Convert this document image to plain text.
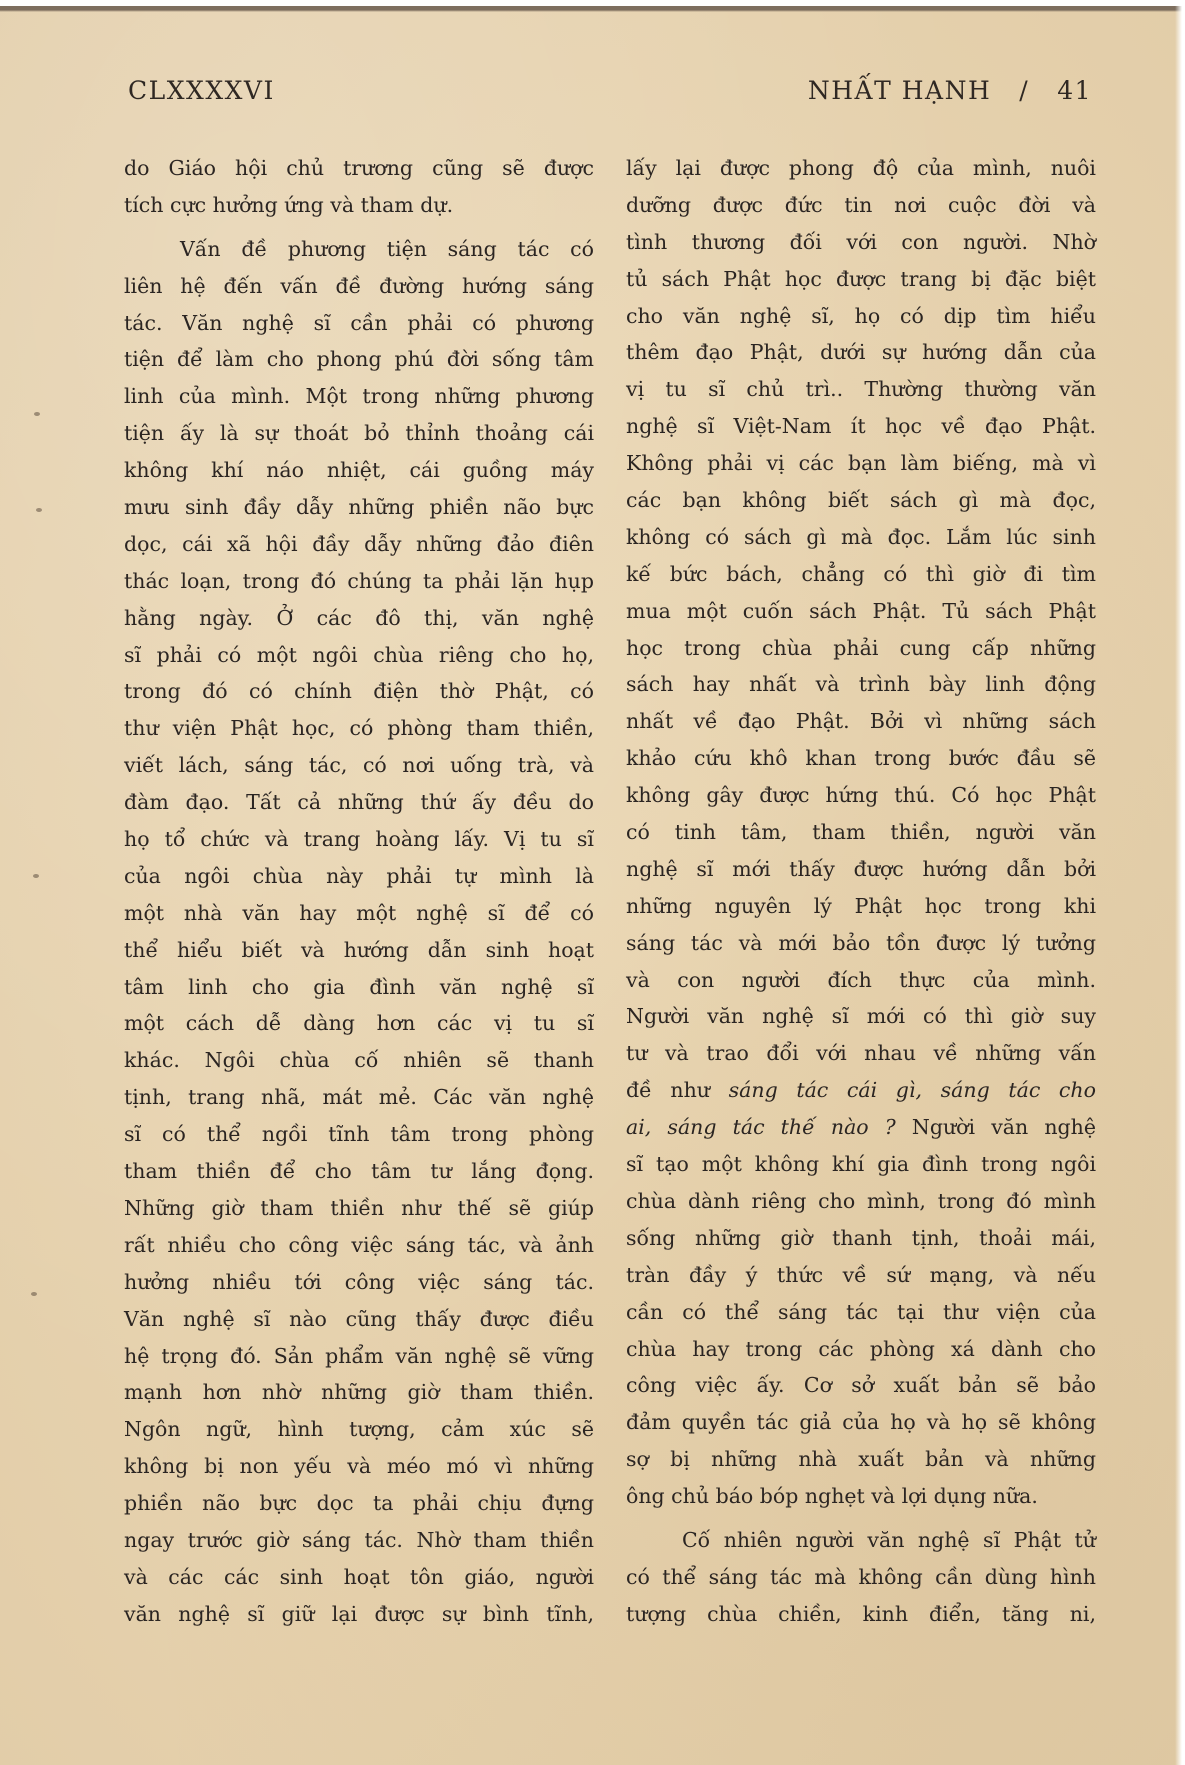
CLXXXXVI	NHẤT HẠNH / 41
do Giáo hội chủ trương cũng sẽ được
tích cực hưởng ứng và tham dự.
Vấn đề phương tiện sáng tác có
liên hệ đến vấn đề đường hướng sáng
tác. Văn nghệ sĩ cần phải có phương
tiện để làm cho phong phú đời sống tâm
linh của mình. Một trong những phương
tiện ấy là sự thoát bỏ thỉnh thoảng cái
không khí náo nhiệt, cái guồng máy
mưu sinh đầy dẫy những phiền não bực
dọc, cái xã hội đầy dẫy những đảo điên
thác loạn, trong đó chúng ta phải lặn hụp
hằng ngày. Ở các đô thị, văn nghệ
sĩ phải có một ngôi chùa riêng cho họ,
trong đó có chính điện thờ Phật, có
thư viện Phật học, có phòng tham thiền,
viết lách, sáng tác, có nơi uống trà, và
đàm đạo. Tất cả những thứ ấy đều do
họ tổ chức và trang hoàng lấy. Vị tu sĩ
của ngôi chùa này phải tự mình là
một nhà văn hay một nghệ sĩ để có
thể hiểu biết và hướng dẫn sinh hoạt
tâm linh cho gia đình văn nghệ sĩ
một cách dễ dàng hơn các vị tu sĩ
khác. Ngôi chùa cố nhiên sẽ thanh
tịnh, trang nhã, mát mẻ. Các văn nghệ
sĩ có thể ngồi tĩnh tâm trong phòng
tham thiền để cho tâm tư lắng đọng.
Những giờ tham thiền như thế sẽ giúp
rất nhiều cho công việc sáng tác, và ảnh
hưởng nhiều tới công việc sáng tác.
Văn nghệ sĩ nào cũng thấy được điều
hệ trọng đó. Sản phẩm văn nghệ sẽ vững
mạnh hơn nhờ những giờ tham thiền.
Ngôn ngữ, hình tượng, cảm xúc sẽ
không bị non yếu và méo mó vì những
phiền não bực dọc ta phải chịu đựng
ngay trước giờ sáng tác. Nhờ tham thiền
và các các sinh hoạt tôn giáo, người
văn nghệ sĩ giữ lại được sự bình tĩnh,
lấy lại được phong độ của mình, nuôi
dưỡng được đức tin nơi cuộc đời và
tình thương đối với con người. Nhờ
tủ sách Phật học được trang bị đặc biệt
cho văn nghệ sĩ, họ có dịp tìm hiểu
thêm đạo Phật, dưới sự hướng dẫn của
vị tu sĩ chủ trì.. Thường thường văn
nghệ sĩ Việt-Nam ít học về đạo Phật.
Không phải vị các bạn làm biếng, mà vì
các bạn không biết sách gì mà đọc,
không có sách gì mà đọc. Lắm lúc sinh
kế bức bách, chẳng có thì giờ đi tìm
mua một cuốn sách Phật. Tủ sách Phật
học trong chùa phải cung cấp những
sách hay nhất và trình bày linh động
nhất về đạo Phật. Bởi vì những sách
khảo cứu khô khan trong bước đầu sẽ
không gây được hứng thú. Có học Phật
có tinh tâm, tham thiền, người văn
nghệ sĩ mới thấy được hướng dẫn bởi
những nguyên lý Phật học trong khi
sáng tác và mới bảo tồn được lý tưởng
và con người đích thực của mình.
Người văn nghệ sĩ mới có thì giờ suy
tư và trao đổi với nhau về những vấn
đề như sáng tác cái gì, sáng tác cho
ai, sáng tác thế nào ? Người văn nghệ
sĩ tạo một không khí gia đình trong ngôi
chùa dành riêng cho mình, trong đó mình
sống những giờ thanh tịnh, thoải mái,
tràn đầy ý thức về sứ mạng, và nếu
cần có thể sáng tác tại thư viện của
chùa hay trong các phòng xá dành cho
công việc ấy. Cơ sở xuất bản sẽ bảo
đảm quyền tác giả của họ và họ sẽ không
sợ bị những nhà xuất bản và những
ông chủ báo bóp nghẹt và lợi dụng nữa.
Cố nhiên người văn nghệ sĩ Phật tử
có thể sáng tác mà không cần dùng hình
tượng chùa chiền, kinh điển, tăng ni,
